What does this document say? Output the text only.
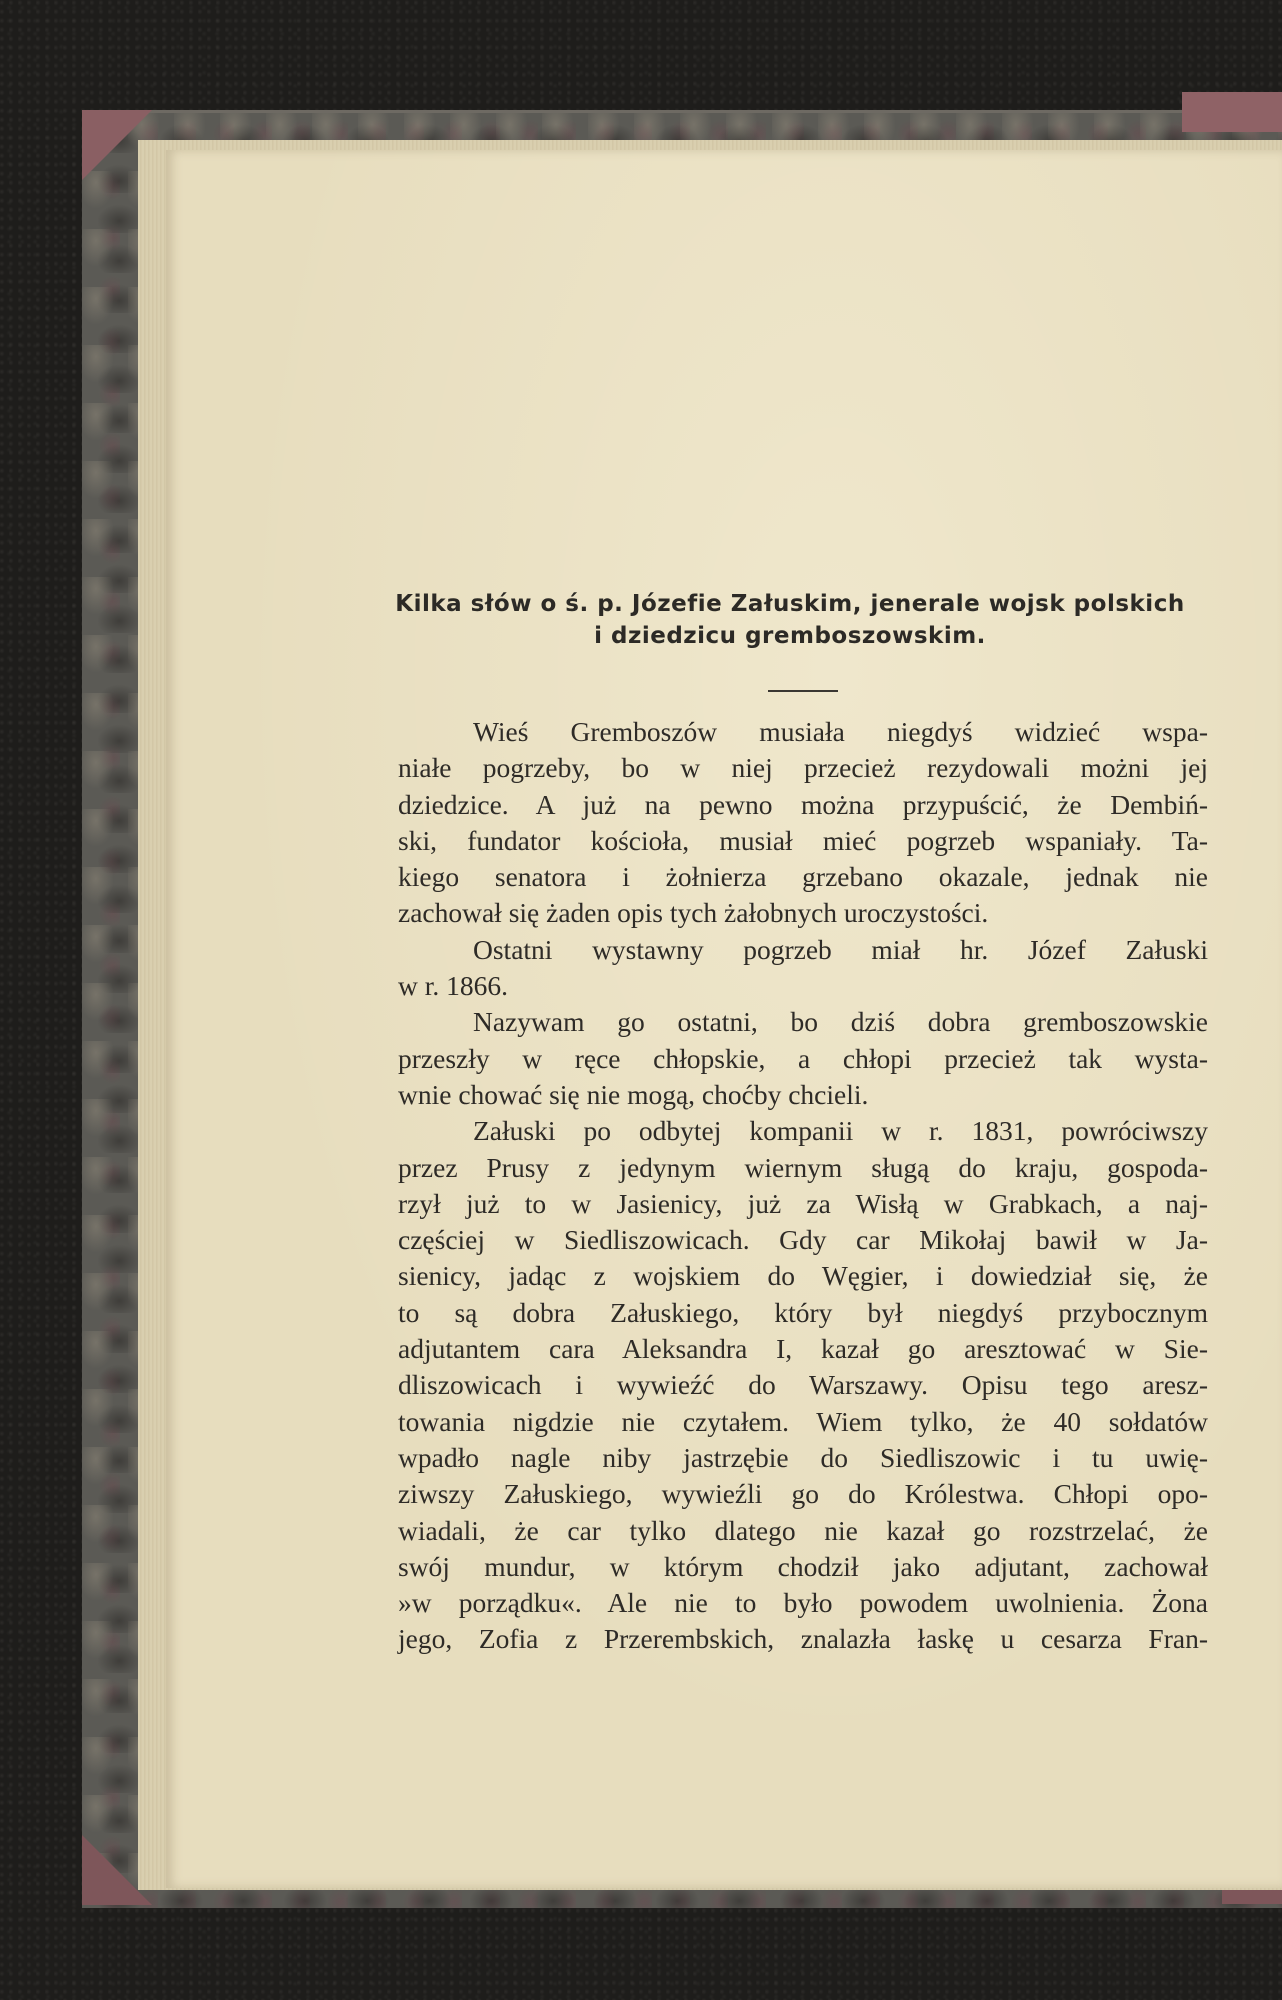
Kilka słów o ś. p. Józefie Załuskim, jenerale wojsk polskich
i dziedzicu gremboszowskim.
Wieś Gremboszów musiała niegdyś widzieć wspa-
niałe pogrzeby, bo w niej przecież rezydowali możni jej
dziedzice. A już na pewno można przypuścić, że Dembiń-
ski, fundator kościoła, musiał mieć pogrzeb wspaniały. Ta-
kiego senatora i żołnierza grzebano okazale, jednak nie
zachował się żaden opis tych żałobnych uroczystości.
Ostatni wystawny pogrzeb miał hr. Józef Załuski
w r. 1866.
Nazywam go ostatni, bo dziś dobra gremboszowskie
przeszły w ręce chłopskie, a chłopi przecież tak wysta-
wnie chować się nie mogą, choćby chcieli.
Załuski po odbytej kompanii w r. 1831, powróciwszy
przez Prusy z jedynym wiernym sługą do kraju, gospoda-
rzył już to w Jasienicy, już za Wisłą w Grabkach, a naj-
częściej w Siedliszowicach. Gdy car Mikołaj bawił w Ja-
sienicy, jadąc z wojskiem do Węgier, i dowiedział się, że
to są dobra Załuskiego, który był niegdyś przybocznym
adjutantem cara Aleksandra I, kazał go aresztować w Sie-
dliszowicach i wywieźć do Warszawy. Opisu tego aresz-
towania nigdzie nie czytałem. Wiem tylko, że 40 sołdatów
wpadło nagle niby jastrzębie do Siedliszowic i tu uwię-
ziwszy Załuskiego, wywieźli go do Królestwa. Chłopi opo-
wiadali, że car tylko dlatego nie kazał go rozstrzelać, że
swój mundur, w którym chodził jako adjutant, zachował
»w porządku«. Ale nie to było powodem uwolnienia. Żona
jego, Zofia z Przerembskich, znalazła łaskę u cesarza Fran-
